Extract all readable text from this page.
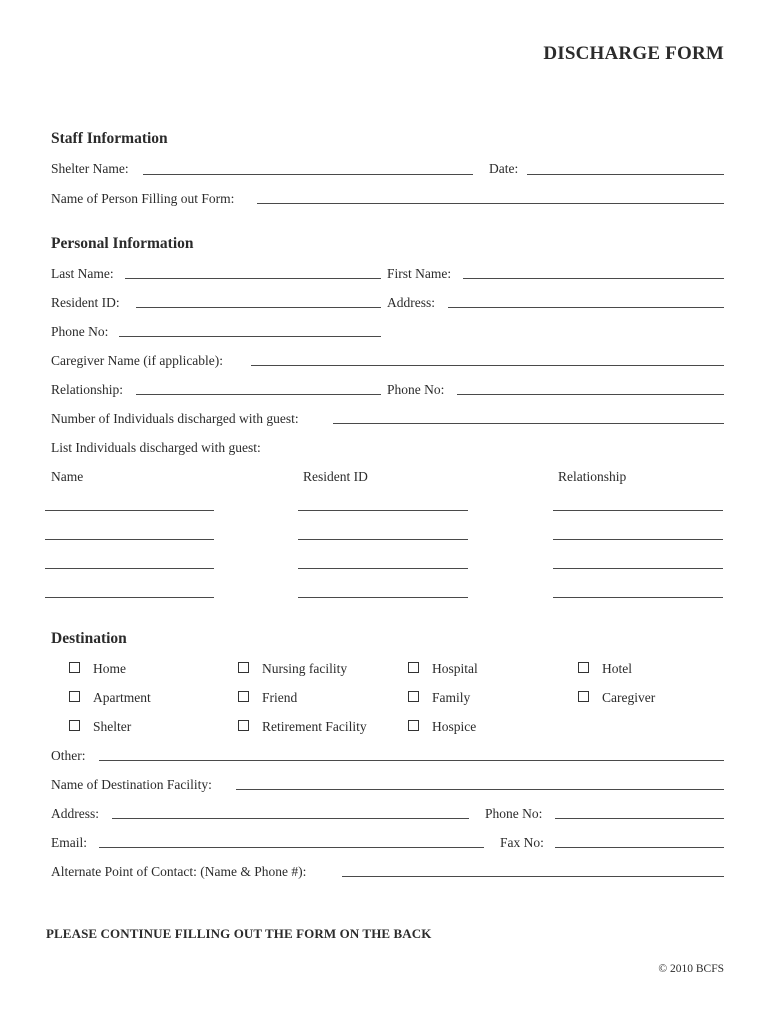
DISCHARGE FORM
Staff Information
Shelter Name:	Date:
Name of Person Filling out Form:
Personal Information
Last Name:	First Name:
Resident ID:	Address:
Phone No:
Caregiver Name (if applicable):
Relationship:	Phone No:
Number of Individuals discharged with guest:
List Individuals discharged with guest:
Name	Resident ID	Relationship
Destination
Home	Nursing facility	Hospital	Hotel
Apartment	Friend	Family	Caregiver
Shelter	Retirement Facility	Hospice
Other:
Name of Destination Facility:
Address:	Phone No:
Email:	Fax No:
Alternate Point of Contact: (Name & Phone #):
PLEASE CONTINUE FILLING OUT THE FORM ON THE BACK
© 2010 BCFS
